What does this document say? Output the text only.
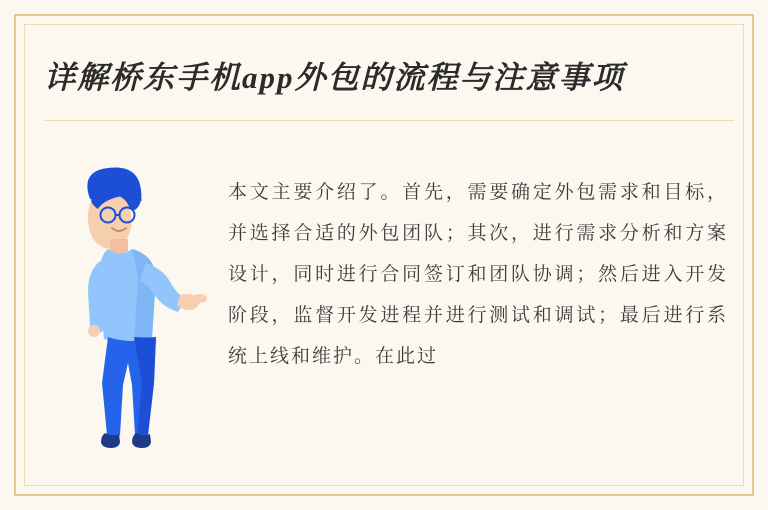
详解桥东手机app外包的流程与注意事项
本文主要介绍了。首先，需要确定外包需求和目标，并选择合适的外包团队；其次，进行需求分析和方案设计，同时进行合同签订和团队协调；然后进入开发阶段，监督开发进程并进行测试和调试；最后进行系统上线和维护。在此过
